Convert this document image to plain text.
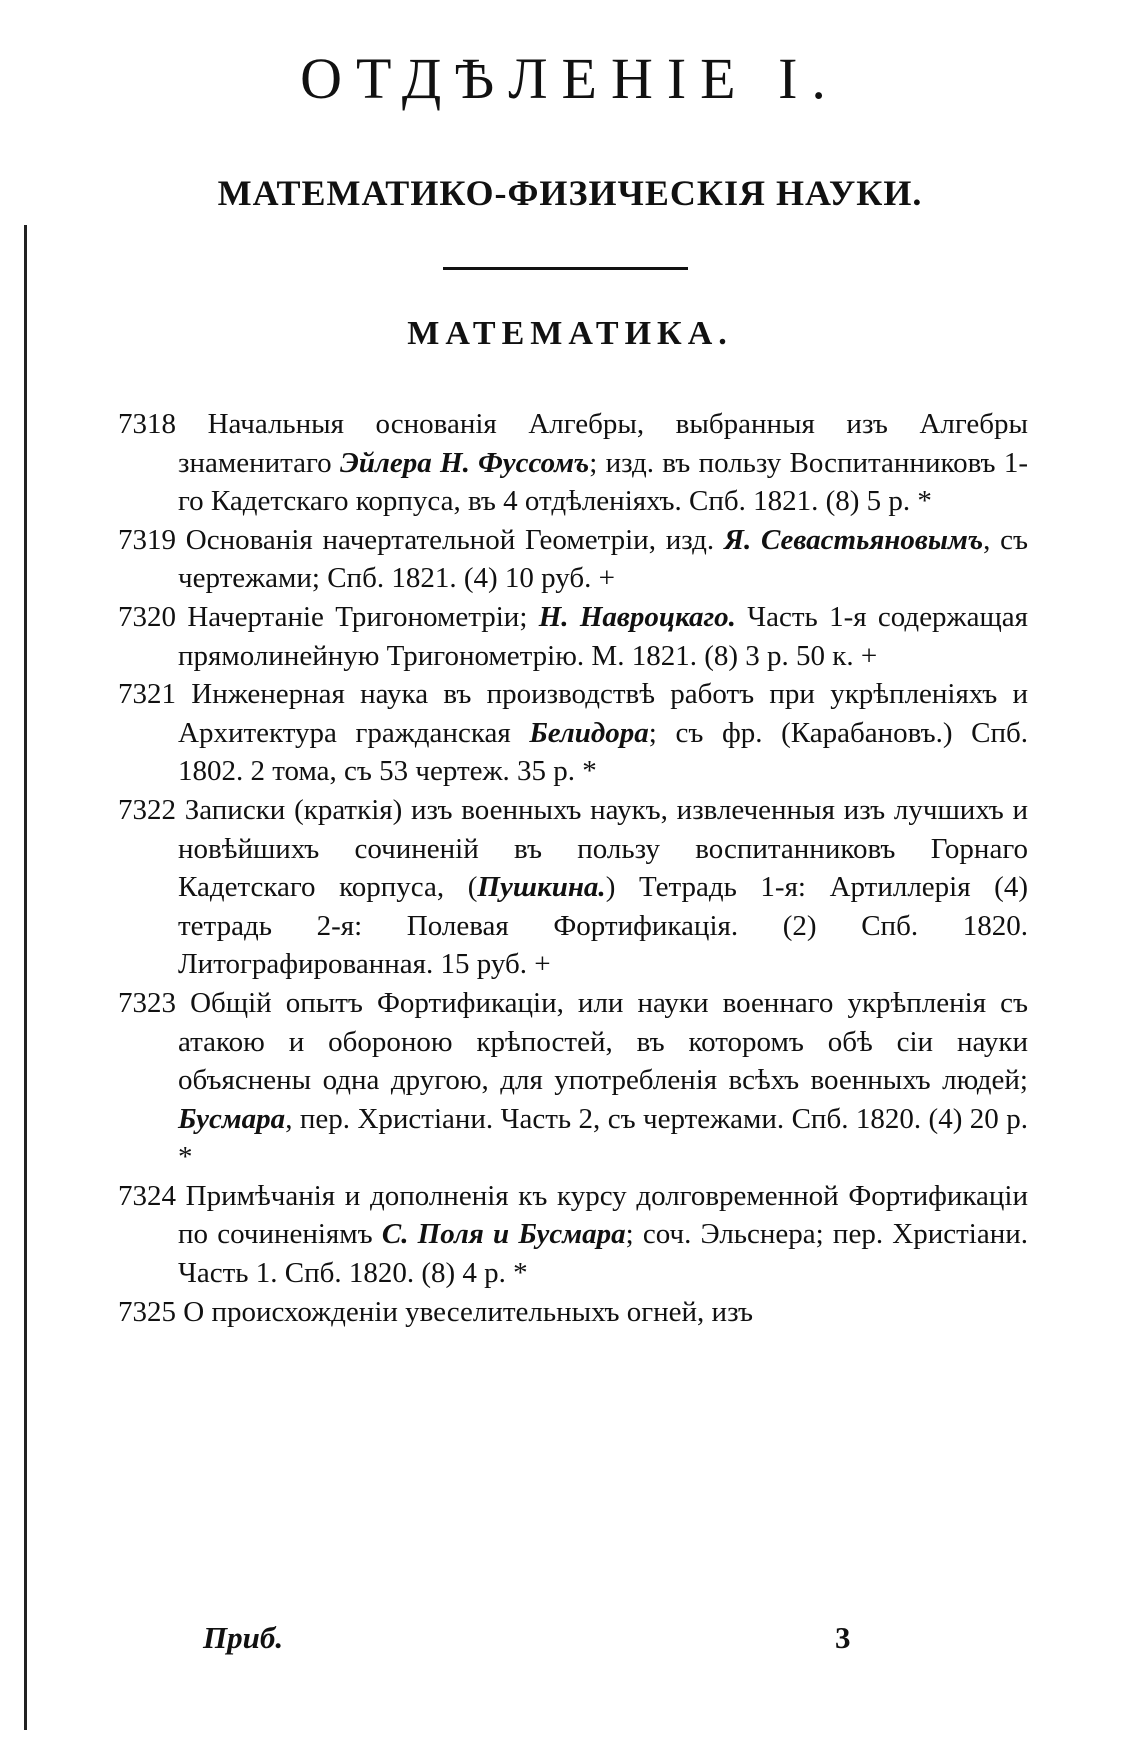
ОТДѢЛЕНІЕ I.
МАТЕМАТИКО-ФИЗИЧЕСКІЯ НАУКИ.
МАТЕМАТИКА.

7318 Начальныя основанія Алгебры, выбранныя изъ Алгебры знаменитаго Эйлера Н. Фуссомъ; изд. въ пользу Воспитанниковъ 1-го Кадетскаго корпуса, въ 4 отдѣленіяхъ. Спб. 1821. (8) 5 р. *

7319 Основанія начертательной Геометріи, изд. Я. Севастьяновымъ, съ чертежами; Спб. 1821. (4) 10 руб. +

7320 Начертаніе Тригонометріи; Н. Навроцкаго. Часть 1-я содержащая прямолинейную Тригонометрію. М. 1821. (8) 3 р. 50 к. +

7321 Инженерная наука въ производствѣ работъ при укрѣпленіяхъ и Архитектура гражданская Белидора; съ фр. (Карабановъ.) Спб. 1802. 2 тома, съ 53 чертеж. 35 р. *

7322 Записки (краткія) изъ военныхъ наукъ, извлеченныя изъ лучшихъ и новѣйшихъ сочиненій въ пользу воспитанниковъ Горнаго Кадетскаго корпуса, (Пушкина.) Тетрадь 1-я: Артиллерія (4) тетрадь 2-я: Полевая Фортификація. (2) Спб. 1820. Литографированная. 15 руб. +

7323 Общій опытъ Фортификаціи, или науки военнаго укрѣпленія съ атакою и обороною крѣпостей, въ которомъ обѣ сіи науки объяснены одна другою, для употребленія всѣхъ военныхъ людей; Бусмара, пер. Христіани. Часть 2, съ чертежами. Спб. 1820. (4) 20 р. *

7324 Примѣчанія и дополненія къ курсу долговременной Фортификаціи по сочиненіямъ С. Поля и Бусмара; соч. Эльснера; пер. Христіани. Часть 1. Спб. 1820. (8) 4 р. *

7325 О происхожденіи увеселительныхъ огней, изъ

Приб.	3
